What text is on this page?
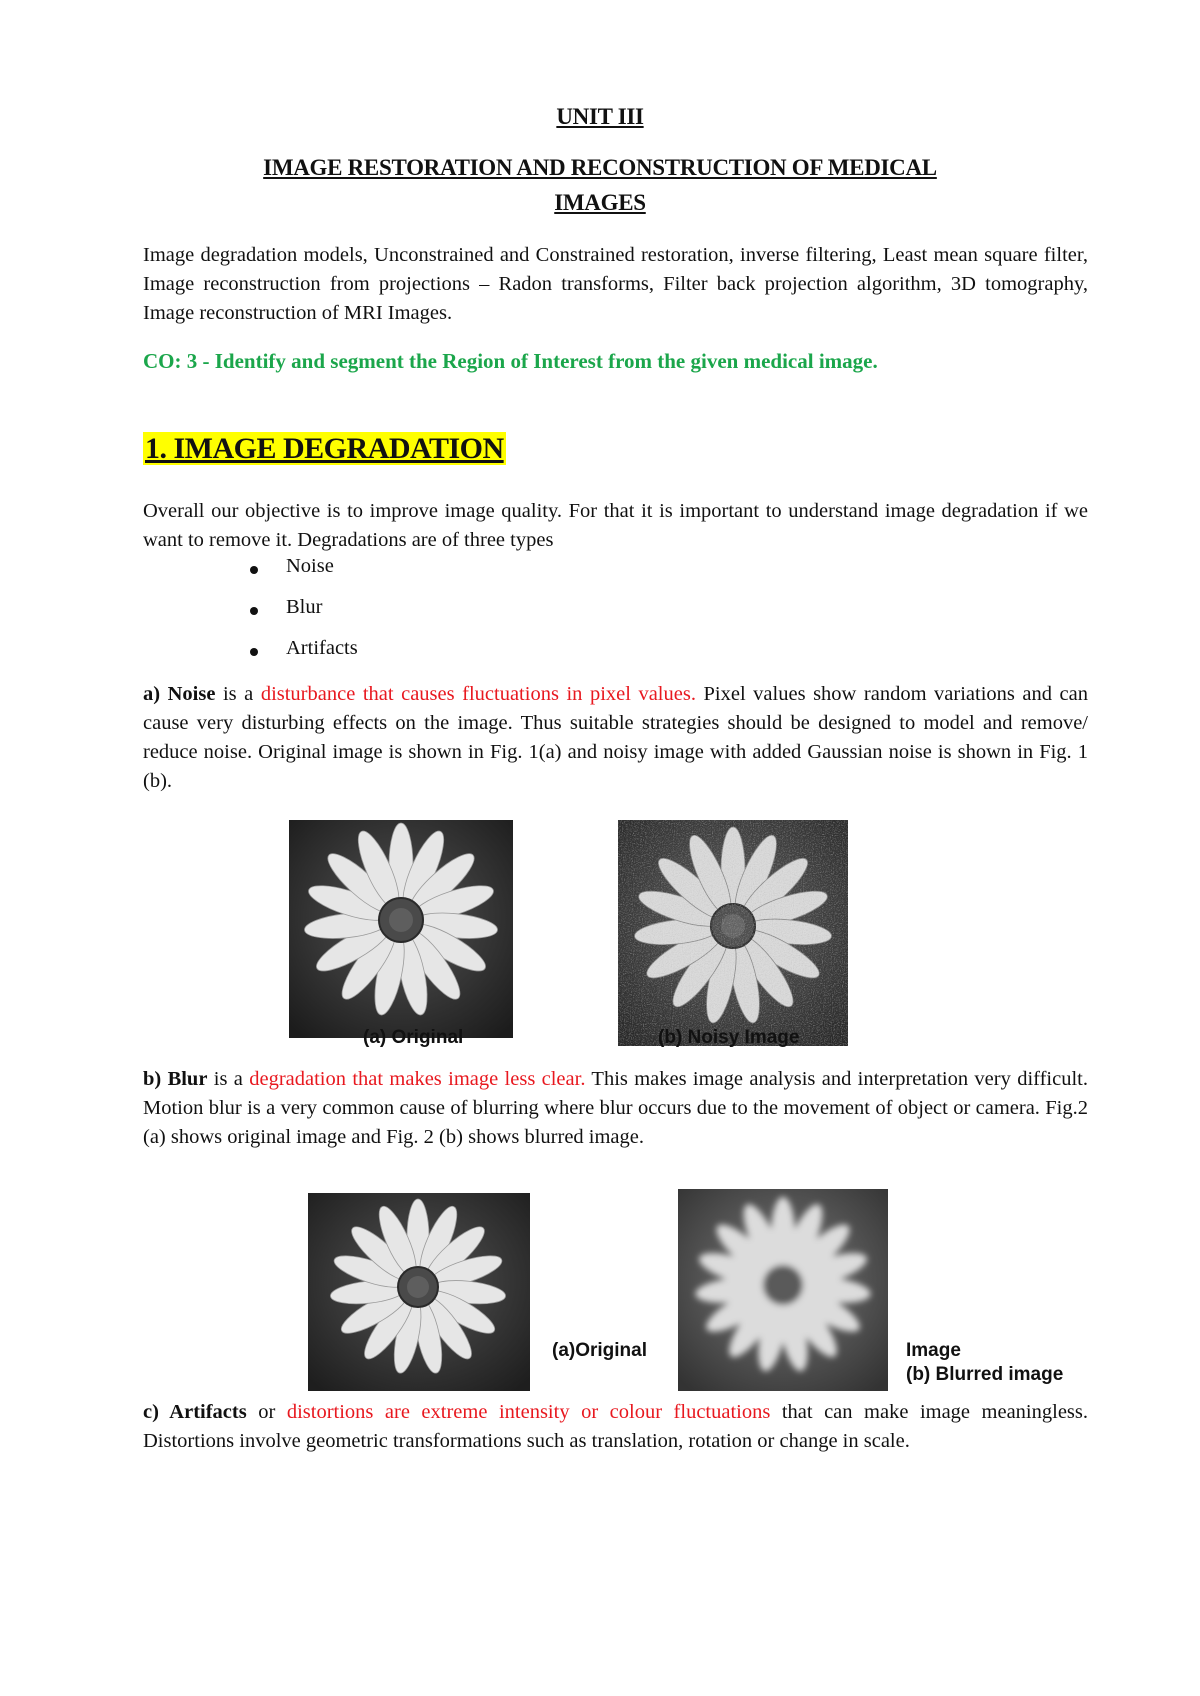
UNIT III
IMAGE RESTORATION AND RECONSTRUCTION OF MEDICAL
IMAGES
Image degradation models, Unconstrained and Constrained restoration, inverse filtering, Least mean square filter, Image reconstruction from projections – Radon transforms, Filter back projection algorithm, 3D tomography, Image reconstruction of MRI Images.
CO: 3 - Identify and segment the Region of Interest from the given medical image.
1. IMAGE DEGRADATION
Overall our objective is to improve image quality. For that it is important to understand image degradation if we want to remove it. Degradations are of three types
Noise
Blur
Artifacts
a) Noise is a disturbance that causes fluctuations in pixel values. Pixel values show random variations and can cause very disturbing effects on the image. Thus suitable strategies should be designed to model and remove/ reduce noise. Original image is shown in Fig. 1(a) and noisy image with added Gaussian noise is shown in Fig. 1 (b).
(a) Original	(b) Noisy Image
b) Blur is a degradation that makes image less clear. This makes image analysis and interpretation very difficult. Motion blur is a very common cause of blurring where blur occurs due to the movement of object or camera. Fig.2 (a) shows original image and Fig. 2 (b) shows blurred image.
(a)Original	Image
(b) Blurred image
c) Artifacts or distortions are extreme intensity or colour fluctuations that can make image meaningless. Distortions involve geometric transformations such as translation, rotation or change in scale.
